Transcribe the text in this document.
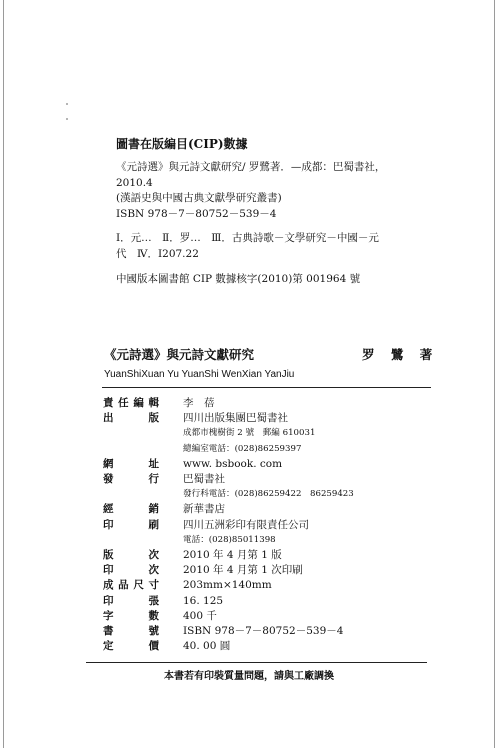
圖書在版編目(CIP)數據
《元詩選》與元詩文獻研究/ 罗鷺著．—成都：巴蜀書社，
2010.4
(漢語史與中國古典文獻學研究叢書)
ISBN 978－7－80752－539－4
Ⅰ．元…　Ⅱ．罗…　Ⅲ．古典詩歌－文學研究－中國－元
代　Ⅳ．I207.22
中國版本圖書館 CIP 數據核字(2010)第 001964 號
《元詩選》與元詩文獻研究	罗 鷺 著
YuanShiXuan Yu YuanShi WenXian YanJiu
責任編輯	李　蓓
出　　版	四川出版集團巴蜀書社
成都市槐樹街 2 號　郵編 610031
總編室電話：(028)86259397
網　　址	www. bsbook. com
發　　行	巴蜀書社
發行科電話：(028)86259422　86259423
經　　銷	新華書店
印　　刷	四川五洲彩印有限責任公司
電話：(028)85011398
版　　次	2010 年 4 月第 1 版
印　　次	2010 年 4 月第 1 次印刷
成品尺寸	203mm×140mm
印　　張	16. 125
字　　數	400 千
書　　號	ISBN 978－7－80752－539－4
定　　價	40. 00 圓
本書若有印裝質量問題，請與工廠調換
